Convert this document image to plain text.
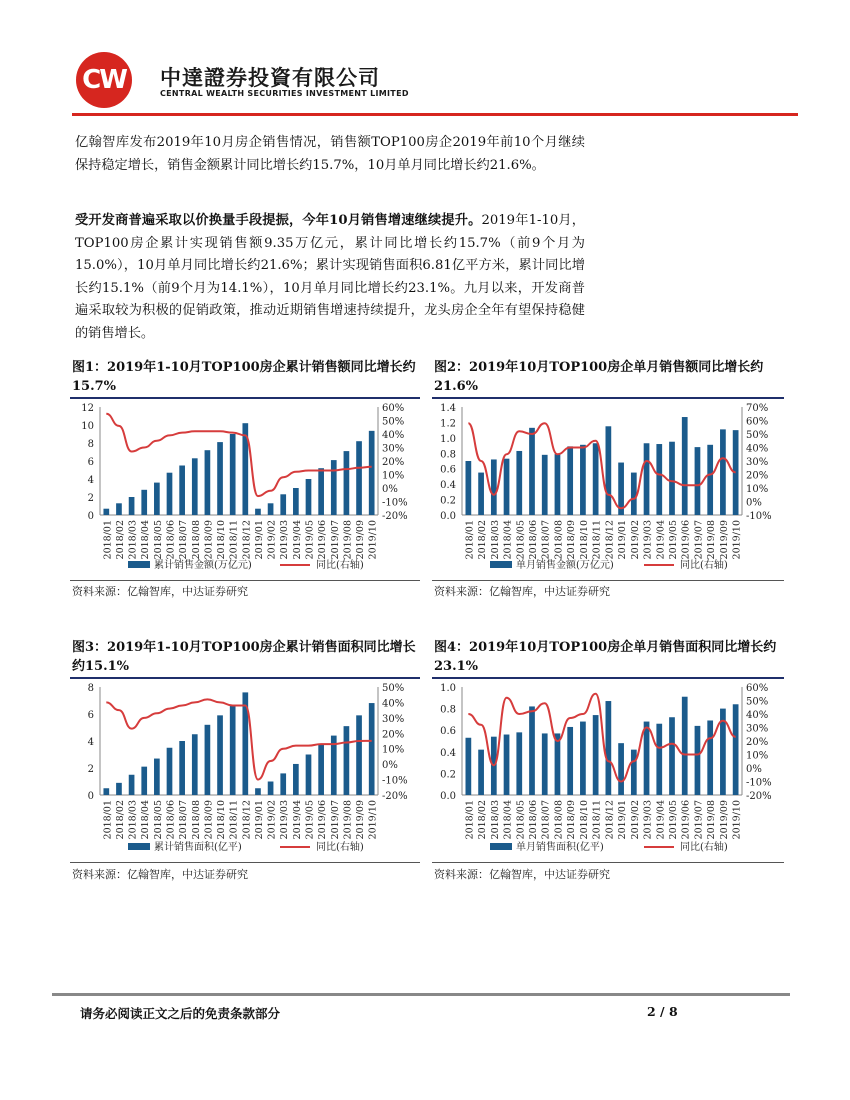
CW 中達證券投資有限公司
CENTRAL WEALTH SECURITIES INVESTMENT LIMITED
亿翰智库发布2019年10月房企销售情况，销售额TOP100房企2019年前10个月继续保持稳定增长，销售金额累计同比增长约15.7%，10月单月同比增长约21.6%。
受开发商普遍采取以价换量手段提振，今年10月销售增速继续提升。2019年1-10月，TOP100房企累计实现销售额9.35万亿元，累计同比增长约15.7%（前9个月为15.0%），10月单月同比增长约21.6%；累计实现销售面积6.81亿平方米，累计同比增长约15.1%（前9个月为14.1%），10月单月同比增长约23.1%。九月以来，开发商普遍采取较为积极的促销政策，推动近期销售增速持续提升，龙头房企全年有望保持稳健的销售增长。
图1：2019年1-10月TOP100房企累计销售额同比增长约15.7%
0
2
4
6
8
10
12
-20%
-10%
0%
10%
20%
30%
40%
50%
60%
2018/01 2018/02 2018/03 2018/04 2018/05 2018/06 2018/07 2018/08 2018/09 2018/10 2018/11 2018/12 2019/01 2019/02 2019/03 2019/04 2019/05 2019/06 2019/07 2019/08 2019/09 2019/10
累计销售金额(万亿元)	同比(右轴)
资料来源：亿翰智库，中达证券研究
图2：2019年10月TOP100房企单月销售额同比增长约21.6%
0.0
0.2
0.4
0.6
0.8
1.0
1.2
1.4
-10%
0%
10%
20%
30%
40%
50%
60%
70%
2018/01 2018/02 2018/03 2018/04 2018/05 2018/06 2018/07 2018/08 2018/09 2018/10 2018/11 2018/12 2019/01 2019/02 2019/03 2019/04 2019/05 2019/06 2019/07 2019/08 2019/09 2019/10
单月销售金额(万亿元)	同比(右轴)
资料来源：亿翰智库，中达证券研究
图3：2019年1-10月TOP100房企累计销售面积同比增长约15.1%
0
2
4
6
8
-20%
-10%
0%
10%
20%
30%
40%
50%
2018/01 2018/02 2018/03 2018/04 2018/05 2018/06 2018/07 2018/08 2018/09 2018/10 2018/11 2018/12 2019/01 2019/02 2019/03 2019/04 2019/05 2019/06 2019/07 2019/08 2019/09 2019/10
累计销售面积(亿平)	同比(右轴)
资料来源：亿翰智库，中达证券研究
图4：2019年10月TOP100房企单月销售面积同比增长约23.1%
0.0
0.2
0.4
0.6
0.8
1.0
-20%
-10%
0%
10%
20%
30%
40%
50%
60%
2018/01 2018/02 2018/03 2018/04 2018/05 2018/06 2018/07 2018/08 2018/09 2018/10 2018/11 2018/12 2019/01 2019/02 2019/03 2019/04 2019/05 2019/06 2019/07 2019/08 2019/09 2019/10
单月销售面积(亿平)	同比(右轴)
资料来源：亿翰智库，中达证券研究
请务必阅读正文之后的免责条款部分	2 / 8
